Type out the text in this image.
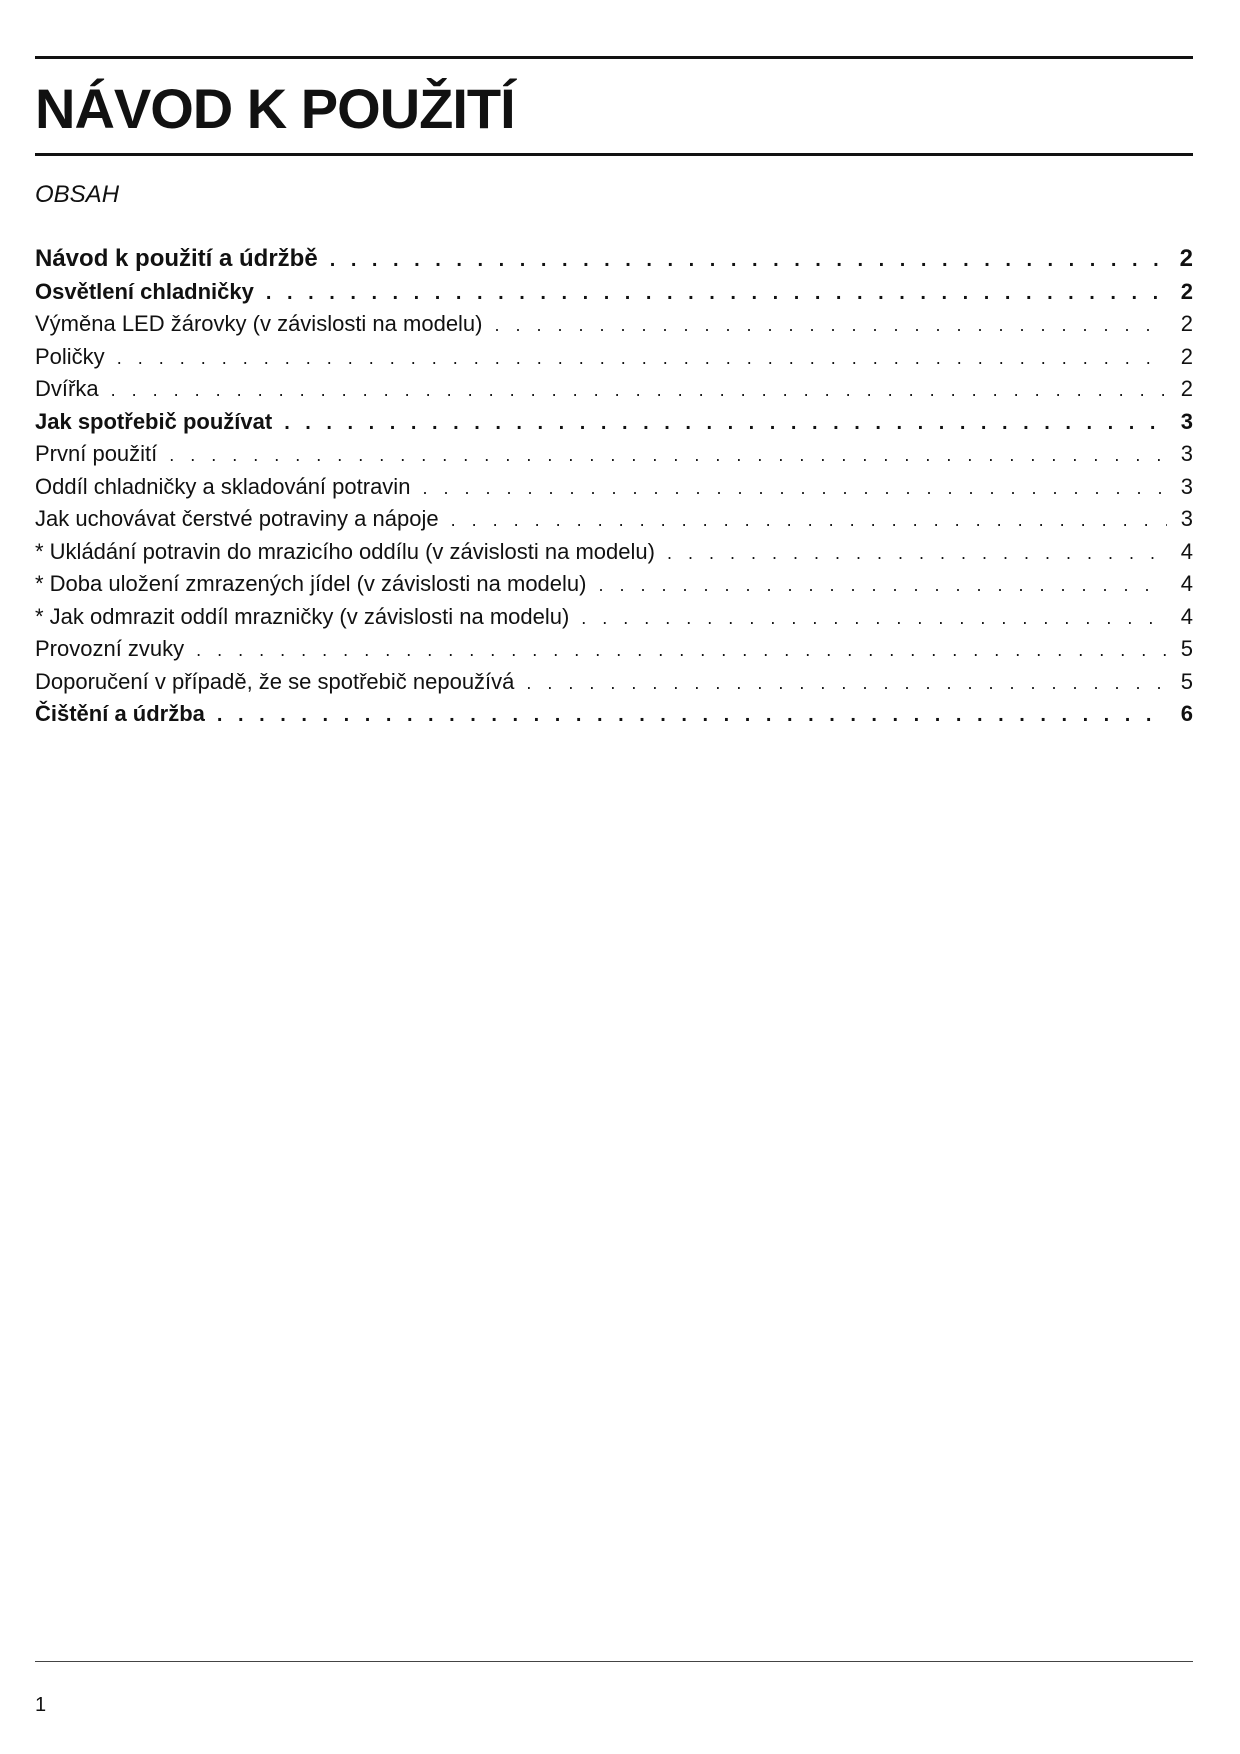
NÁVOD K POUŽITÍ
OBSAH
Návod k použití a údržbě . . .	2
Osvětlení chladničky . . .	2
Výměna LED žárovky (v závislosti na modelu) . . .	2
Poličky . . .	2
Dvířka . . .	2
Jak spotřebič používat . . .	3
První použití . . .	3
Oddíl chladničky a skladování potravin . . .	3
Jak uchovávat čerstvé potraviny a nápoje . . .	3
* Ukládání potravin do mrazicího oddílu (v závislosti na modelu) . . .	4
* Doba uložení zmrazených jídel (v závislosti na modelu) . . .	4
* Jak odmrazit oddíl mrazničky (v závislosti na modelu) . . .	4
Provozní zvuky . . .	5
Doporučení v případě, že se spotřebič nepoužívá . . .	5
Čištění a údržba . . .	6
1
